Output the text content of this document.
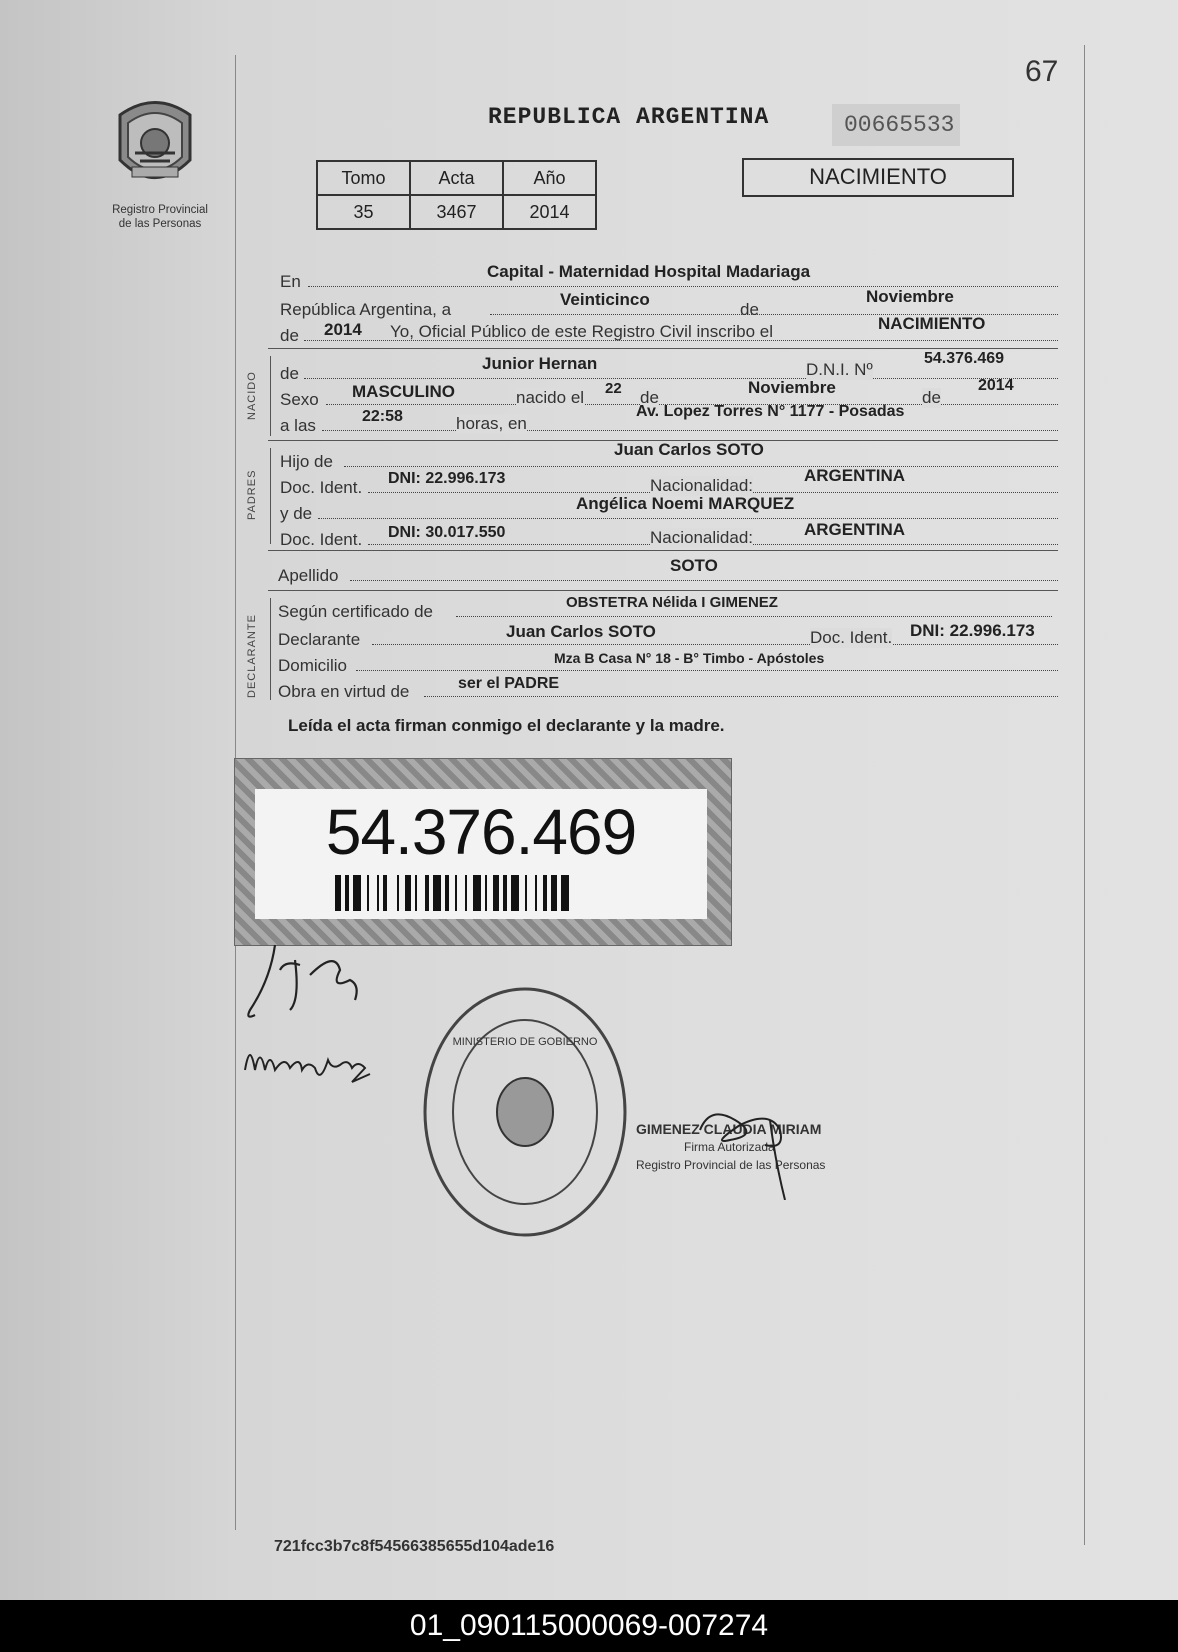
67
Registro Provincial
de las Personas
REPUBLICA ARGENTINA	00665533
Tomo	Acta	Año
35	3467	2014
NACIMIENTO
En
Capital - Maternidad Hospital Madariaga
República Argentina, a
Veinticinco
de
Noviembre
de 2014 Yo, Oficial Público de este Registro Civil inscribo el	NACIMIENTO
NACIDO de
Junior Hernan	D.N.I. Nº
54.376.469
Sexo MASCULINO	nacido el 22 de
Noviembre
de
2014
a las	22:58	horas, en
Av. Lopez Torres N° 1177 - Posadas
PADRES
Hijo de
Juan Carlos SOTO
Doc. Ident. DNI: 22.996.173	Nacionalidad:
ARGENTINA
y de
Angélica Noemi MARQUEZ
Doc. Ident. DNI: 30.017.550	Nacionalidad:	ARGENTINA
Apellido
SOTO
DECLARANTE
Según certificado de	OBSTETRA Nélida I GIMENEZ
Declarante	Juan Carlos SOTO	Doc. Ident. DNI: 22.996.173
Domicilio	Mza B Casa N° 18 - B° Timbo - Apóstoles
Obra en virtud de	ser el PADRE
Leída el acta firman conmigo el declarante y la madre.
54.376.469
MINISTERIO DE GOBIERNO
GIMENEZ CLAUDIA MIRIAM
Firma Autorizada
Registro Provincial de las Personas
721fcc3b7c8f54566385655d104ade16
01_090115000069-007274
